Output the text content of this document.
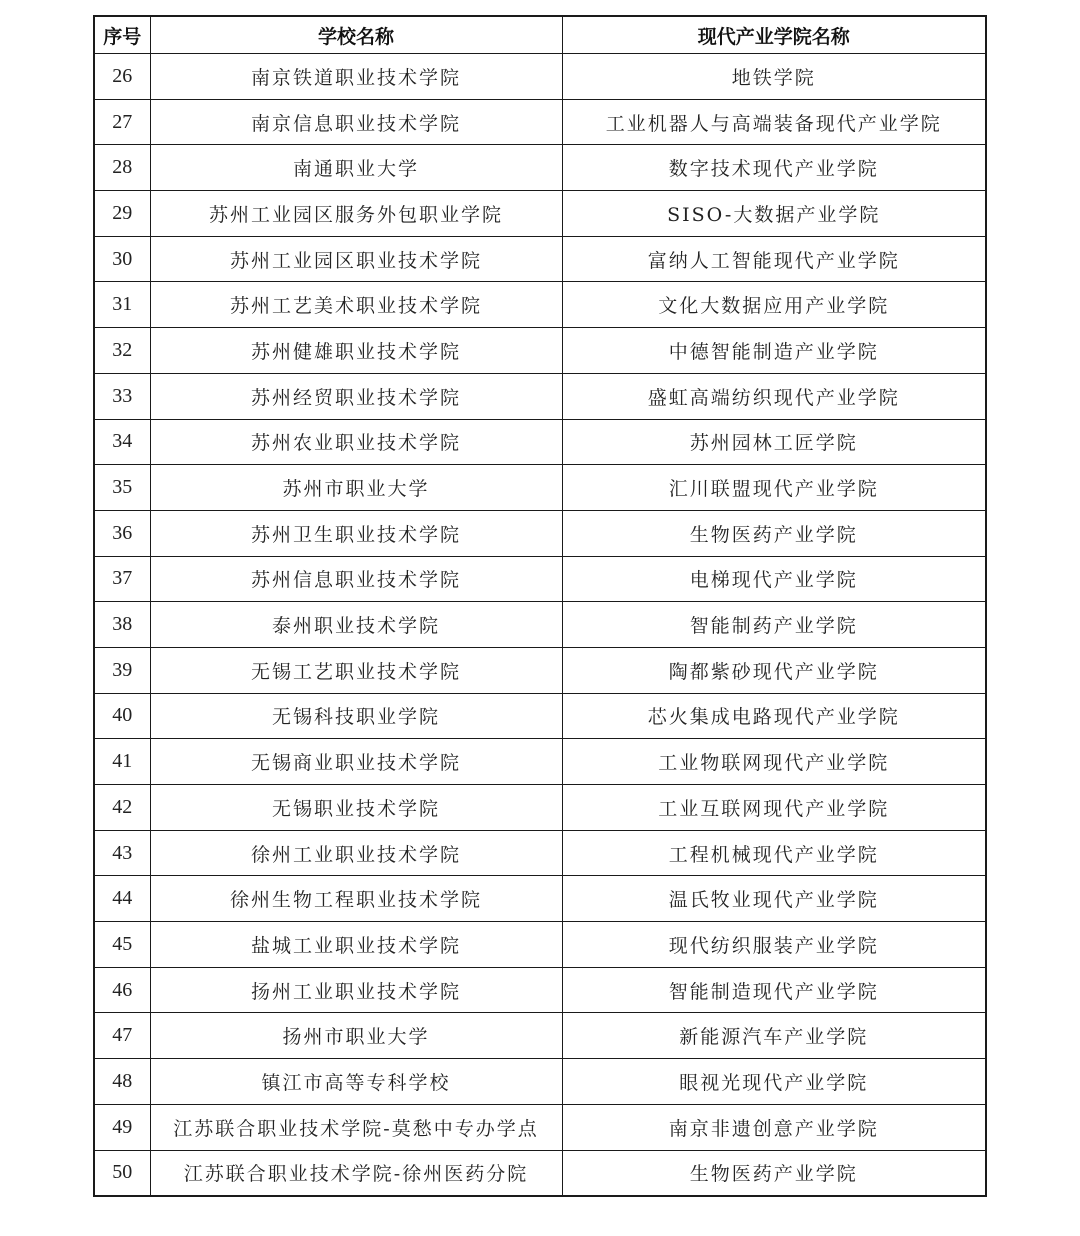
序号	学校名称	现代产业学院名称
26	南京铁道职业技术学院	地铁学院
27	南京信息职业技术学院	工业机器人与高端装备现代产业学院
28	南通职业大学	数字技术现代产业学院
29	苏州工业园区服务外包职业学院	SISO-大数据产业学院
30	苏州工业园区职业技术学院	富纳人工智能现代产业学院
31	苏州工艺美术职业技术学院	文化大数据应用产业学院
32	苏州健雄职业技术学院	中德智能制造产业学院
33	苏州经贸职业技术学院	盛虹高端纺织现代产业学院
34	苏州农业职业技术学院	苏州园林工匠学院
35	苏州市职业大学	汇川联盟现代产业学院
36	苏州卫生职业技术学院	生物医药产业学院
37	苏州信息职业技术学院	电梯现代产业学院
38	泰州职业技术学院	智能制药产业学院
39	无锡工艺职业技术学院	陶都紫砂现代产业学院
40	无锡科技职业学院	芯火集成电路现代产业学院
41	无锡商业职业技术学院	工业物联网现代产业学院
42	无锡职业技术学院	工业互联网现代产业学院
43	徐州工业职业技术学院	工程机械现代产业学院
44	徐州生物工程职业技术学院	温氏牧业现代产业学院
45	盐城工业职业技术学院	现代纺织服装产业学院
46	扬州工业职业技术学院	智能制造现代产业学院
47	扬州市职业大学	新能源汽车产业学院
48	镇江市高等专科学校	眼视光现代产业学院
49	江苏联合职业技术学院-莫愁中专办学点	南京非遗创意产业学院
50	江苏联合职业技术学院-徐州医药分院	生物医药产业学院
